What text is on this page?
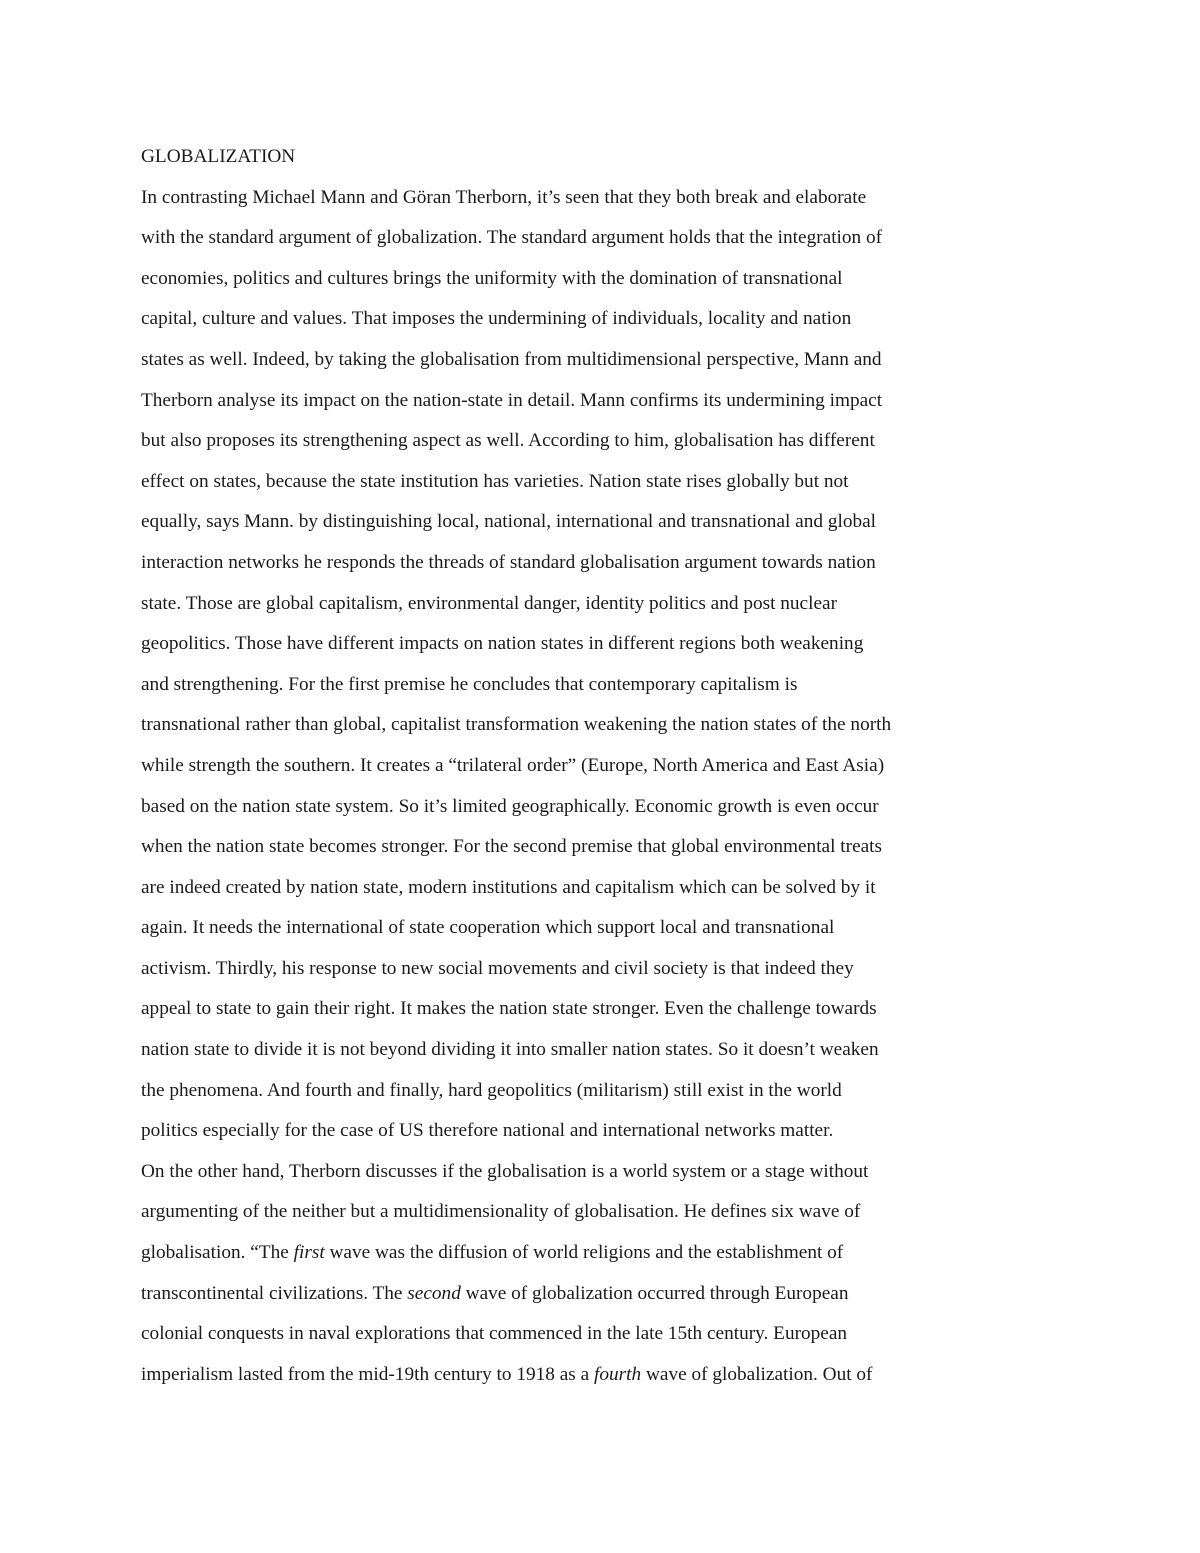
GLOBALIZATION
In contrasting Michael Mann and Göran Therborn, it’s seen that they both break and elaborate
with the standard argument of globalization. The standard argument holds that the integration of
economies, politics and cultures brings the uniformity with the domination of transnational
capital, culture and values. That imposes the undermining of individuals, locality and nation
states as well. Indeed, by taking the globalisation from multidimensional perspective, Mann and
Therborn analyse its impact on the nation-state in detail. Mann confirms its undermining impact
but also proposes its strengthening aspect as well. According to him, globalisation has different
effect on states, because the state institution has varieties. Nation state rises globally but not
equally, says Mann. by distinguishing local, national, international and transnational and global
interaction networks he responds the threads of standard globalisation argument towards nation
state. Those are global capitalism, environmental danger, identity politics and post nuclear
geopolitics. Those have different impacts on nation states in different regions both weakening
and strengthening. For the first premise he concludes that contemporary capitalism is
transnational rather than global, capitalist transformation weakening the nation states of the north
while strength the southern. It creates a “trilateral order” (Europe, North America and East Asia)
based on the nation state system. So it’s limited geographically. Economic growth is even occur
when the nation state becomes stronger. For the second premise that global environmental treats
are indeed created by nation state, modern institutions and capitalism which can be solved by it
again. It needs the international of state cooperation which support local and transnational
activism. Thirdly, his response to new social movements and civil society is that indeed they
appeal to state to gain their right. It makes the nation state stronger. Even the challenge towards
nation state to divide it is not beyond dividing it into smaller nation states. So it doesn’t weaken
the phenomena. And fourth and finally, hard geopolitics (militarism) still exist in the world
politics especially for the case of US therefore national and international networks matter.
On the other hand, Therborn discusses if the globalisation is a world system or a stage without
argumenting of the neither but a multidimensionality of globalisation. He defines six wave of
globalisation. “The first wave was the diffusion of world religions and the establishment of
transcontinental civilizations. The second wave of globalization occurred through European
colonial conquests in naval explorations that commenced in the late 15th century. European
imperialism lasted from the mid-19th century to 1918 as a fourth wave of globalization. Out of
